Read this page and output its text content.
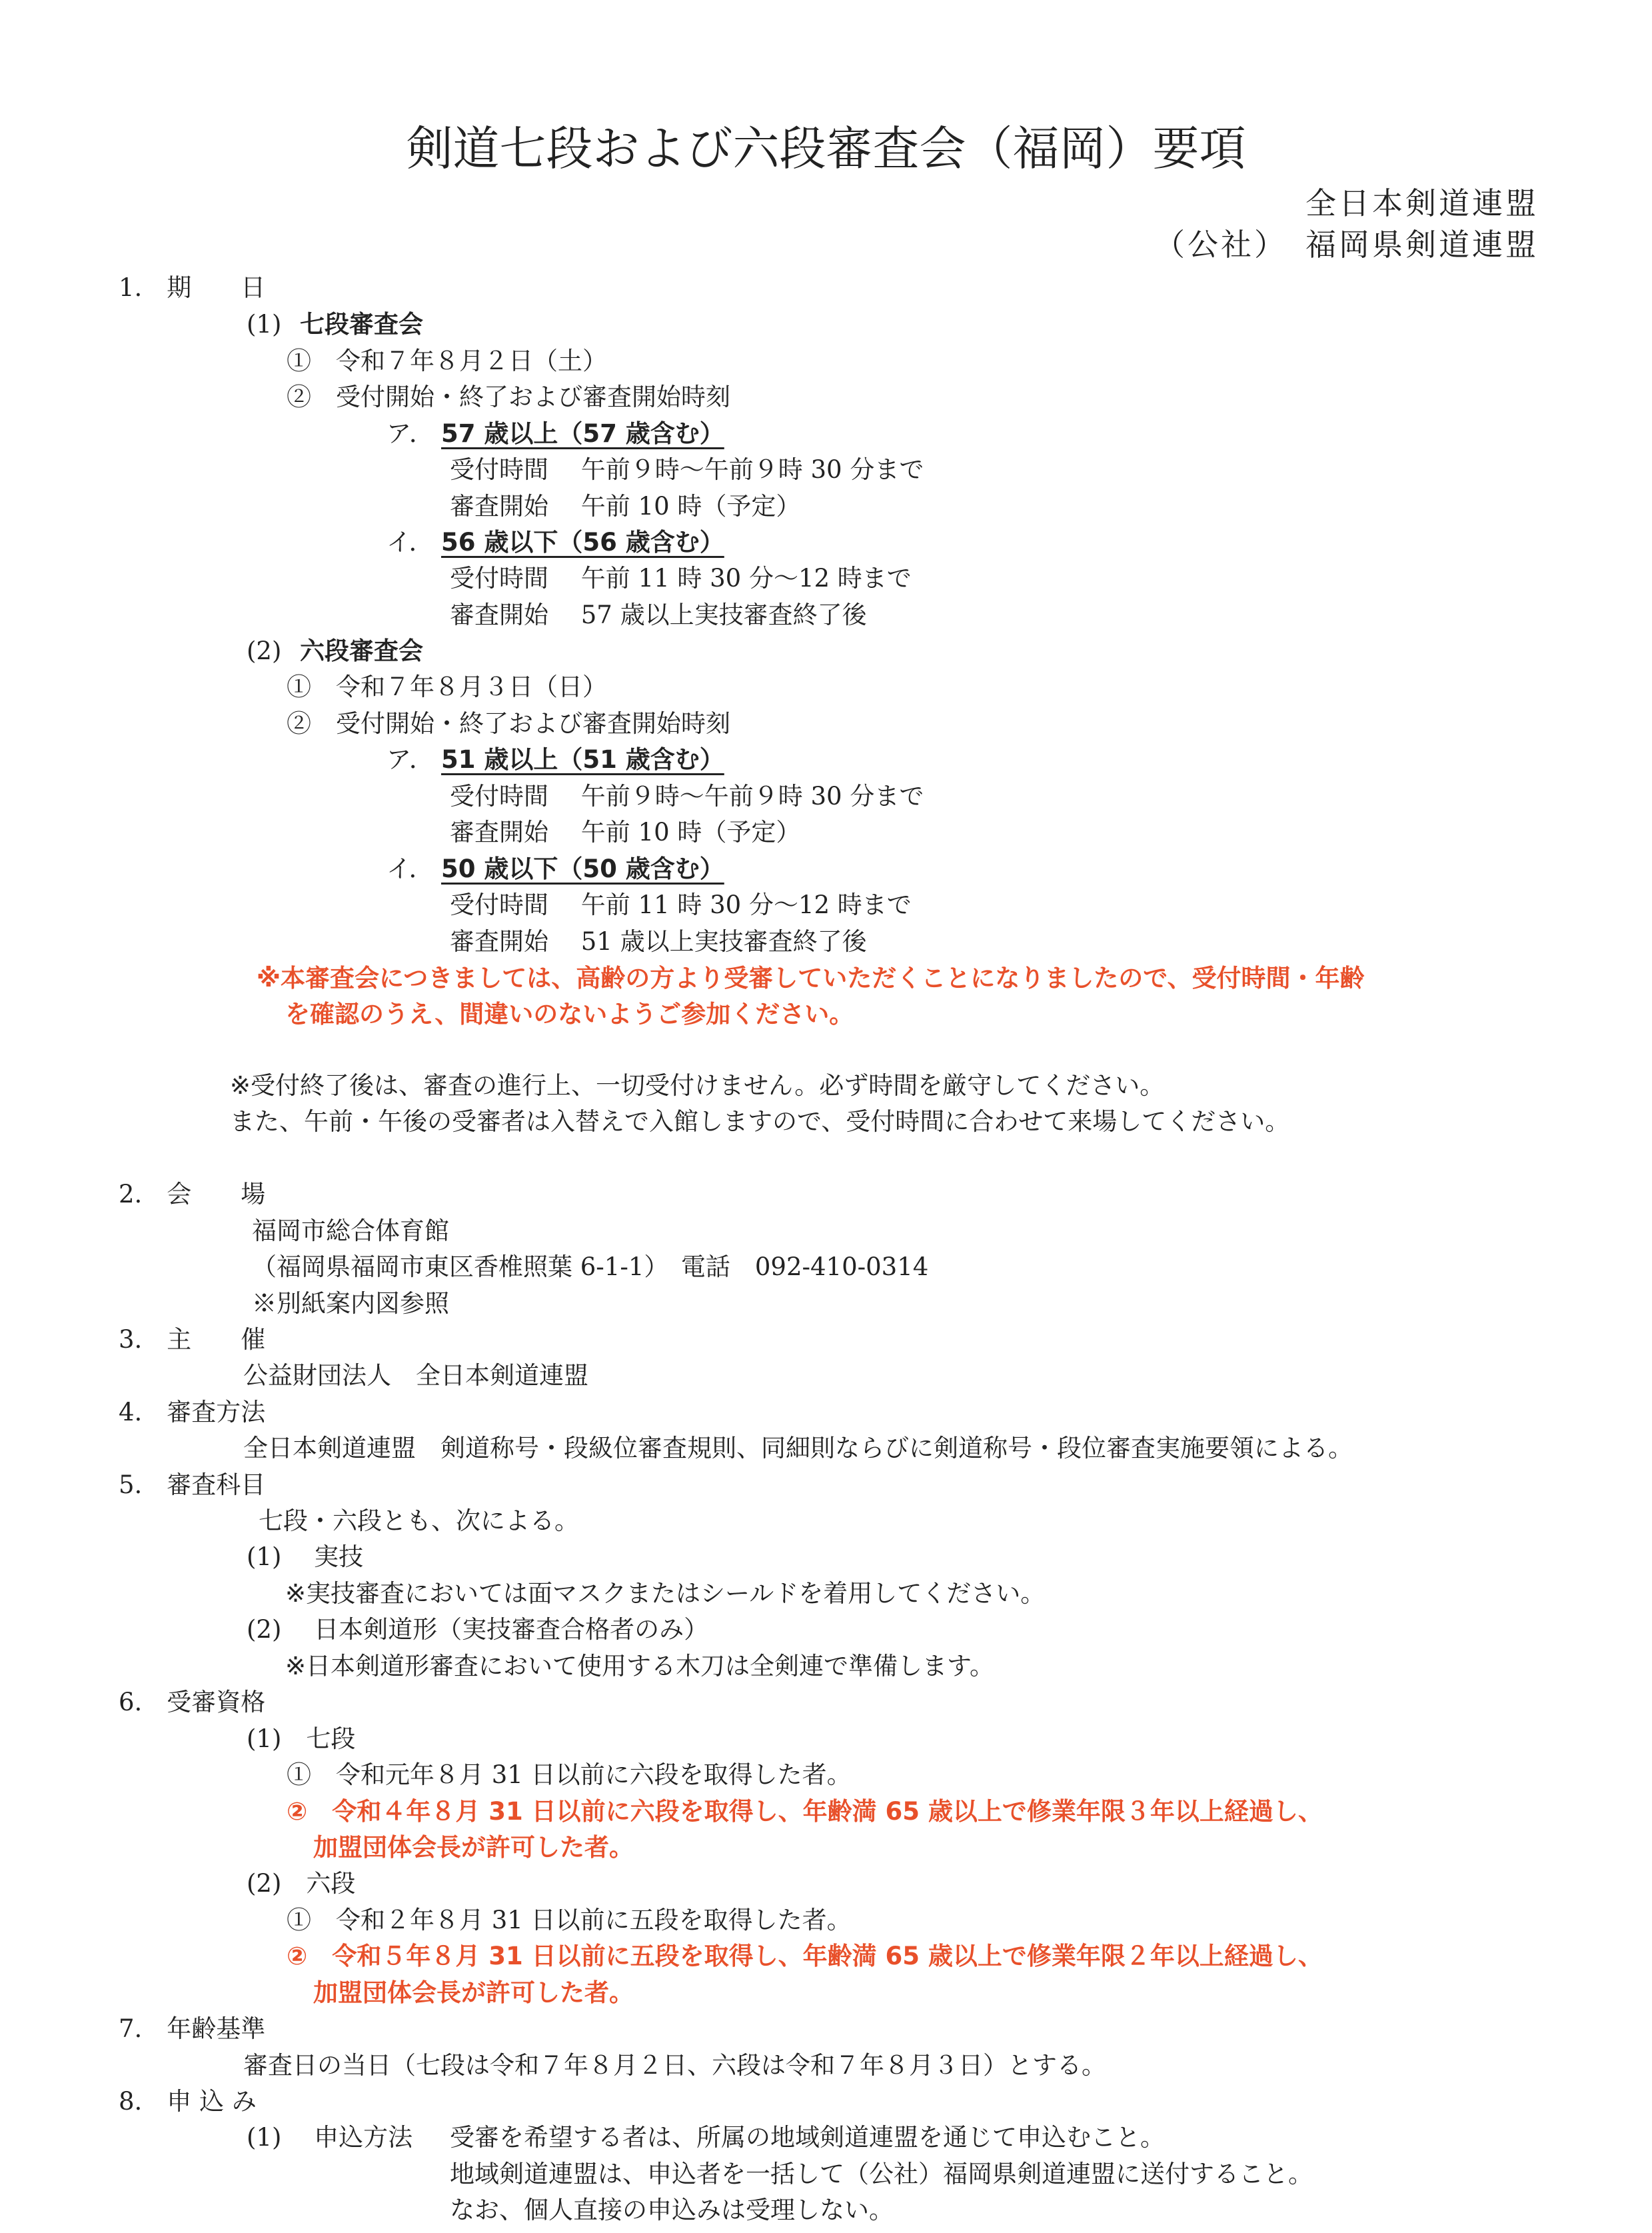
剣道七段および六段審査会（福岡）要項
全日本剣道連盟
（公社）　福岡県剣道連盟
1.　期　　日
(1) 七段審査会
①　令和７年８月２日（土）
②　受付開始・終了および審査開始時刻
ア． 57 歳以上（57 歳含む）
受付時間　 午前９時～午前９時 30 分まで
審査開始　 午前 10 時（予定）
イ． 56 歳以下（56 歳含む）
受付時間　 午前 11 時 30 分～12 時まで
審査開始　 57 歳以上実技審査終了後
(2) 六段審査会
①　令和７年８月３日（日）
②　受付開始・終了および審査開始時刻
ア． 51 歳以上（51 歳含む）
受付時間　 午前９時～午前９時 30 分まで
審査開始　 午前 10 時（予定）
イ． 50 歳以下（50 歳含む）
受付時間　 午前 11 時 30 分～12 時まで
審査開始　 51 歳以上実技審査終了後
※本審査会につきましては、高齢の方より受審していただくことになりましたので、受付時間・年齢
を確認のうえ、間違いのないようご参加ください。
※受付終了後は、審査の進行上、一切受付けません。必ず時間を厳守してください。
また、午前・午後の受審者は入替えで入館しますので、受付時間に合わせて来場してください。
2.　会　　場
福岡市総合体育館
（福岡県福岡市東区香椎照葉 6-1-1）　電話　092-410-0314
※別紙案内図参照
3.　主　　催
公益財団法人　全日本剣道連盟
4.　審査方法
全日本剣道連盟　剣道称号・段級位審査規則、同細則ならびに剣道称号・段位審査実施要領による。
5.　審査科目
七段・六段とも、次による。
(1)　 実技
※実技審査においては面マスクまたはシールドを着用してください。
(2)　 日本剣道形（実技審査合格者のみ）
※日本剣道形審査において使用する木刀は全剣連で準備します。
6.　受審資格
(1)　七段
①　令和元年８月 31 日以前に六段を取得した者。
②　令和４年８月 31 日以前に六段を取得し、年齢満 65 歳以上で修業年限３年以上経過し、
加盟団体会長が許可した者。
(2)　六段
①　令和２年８月 31 日以前に五段を取得した者。
②　令和５年８月 31 日以前に五段を取得し、年齢満 65 歳以上で修業年限２年以上経過し、
加盟団体会長が許可した者。
7.　年齢基準
審査日の当日（七段は令和７年８月２日、六段は令和７年８月３日）とする。
8.　申 込 み
(1)　 申込方法 受審を希望する者は、所属の地域剣道連盟を通じて申込むこと。
地域剣道連盟は、申込者を一括して（公社）福岡県剣道連盟に送付すること。
なお、個人直接の申込みは受理しない。
